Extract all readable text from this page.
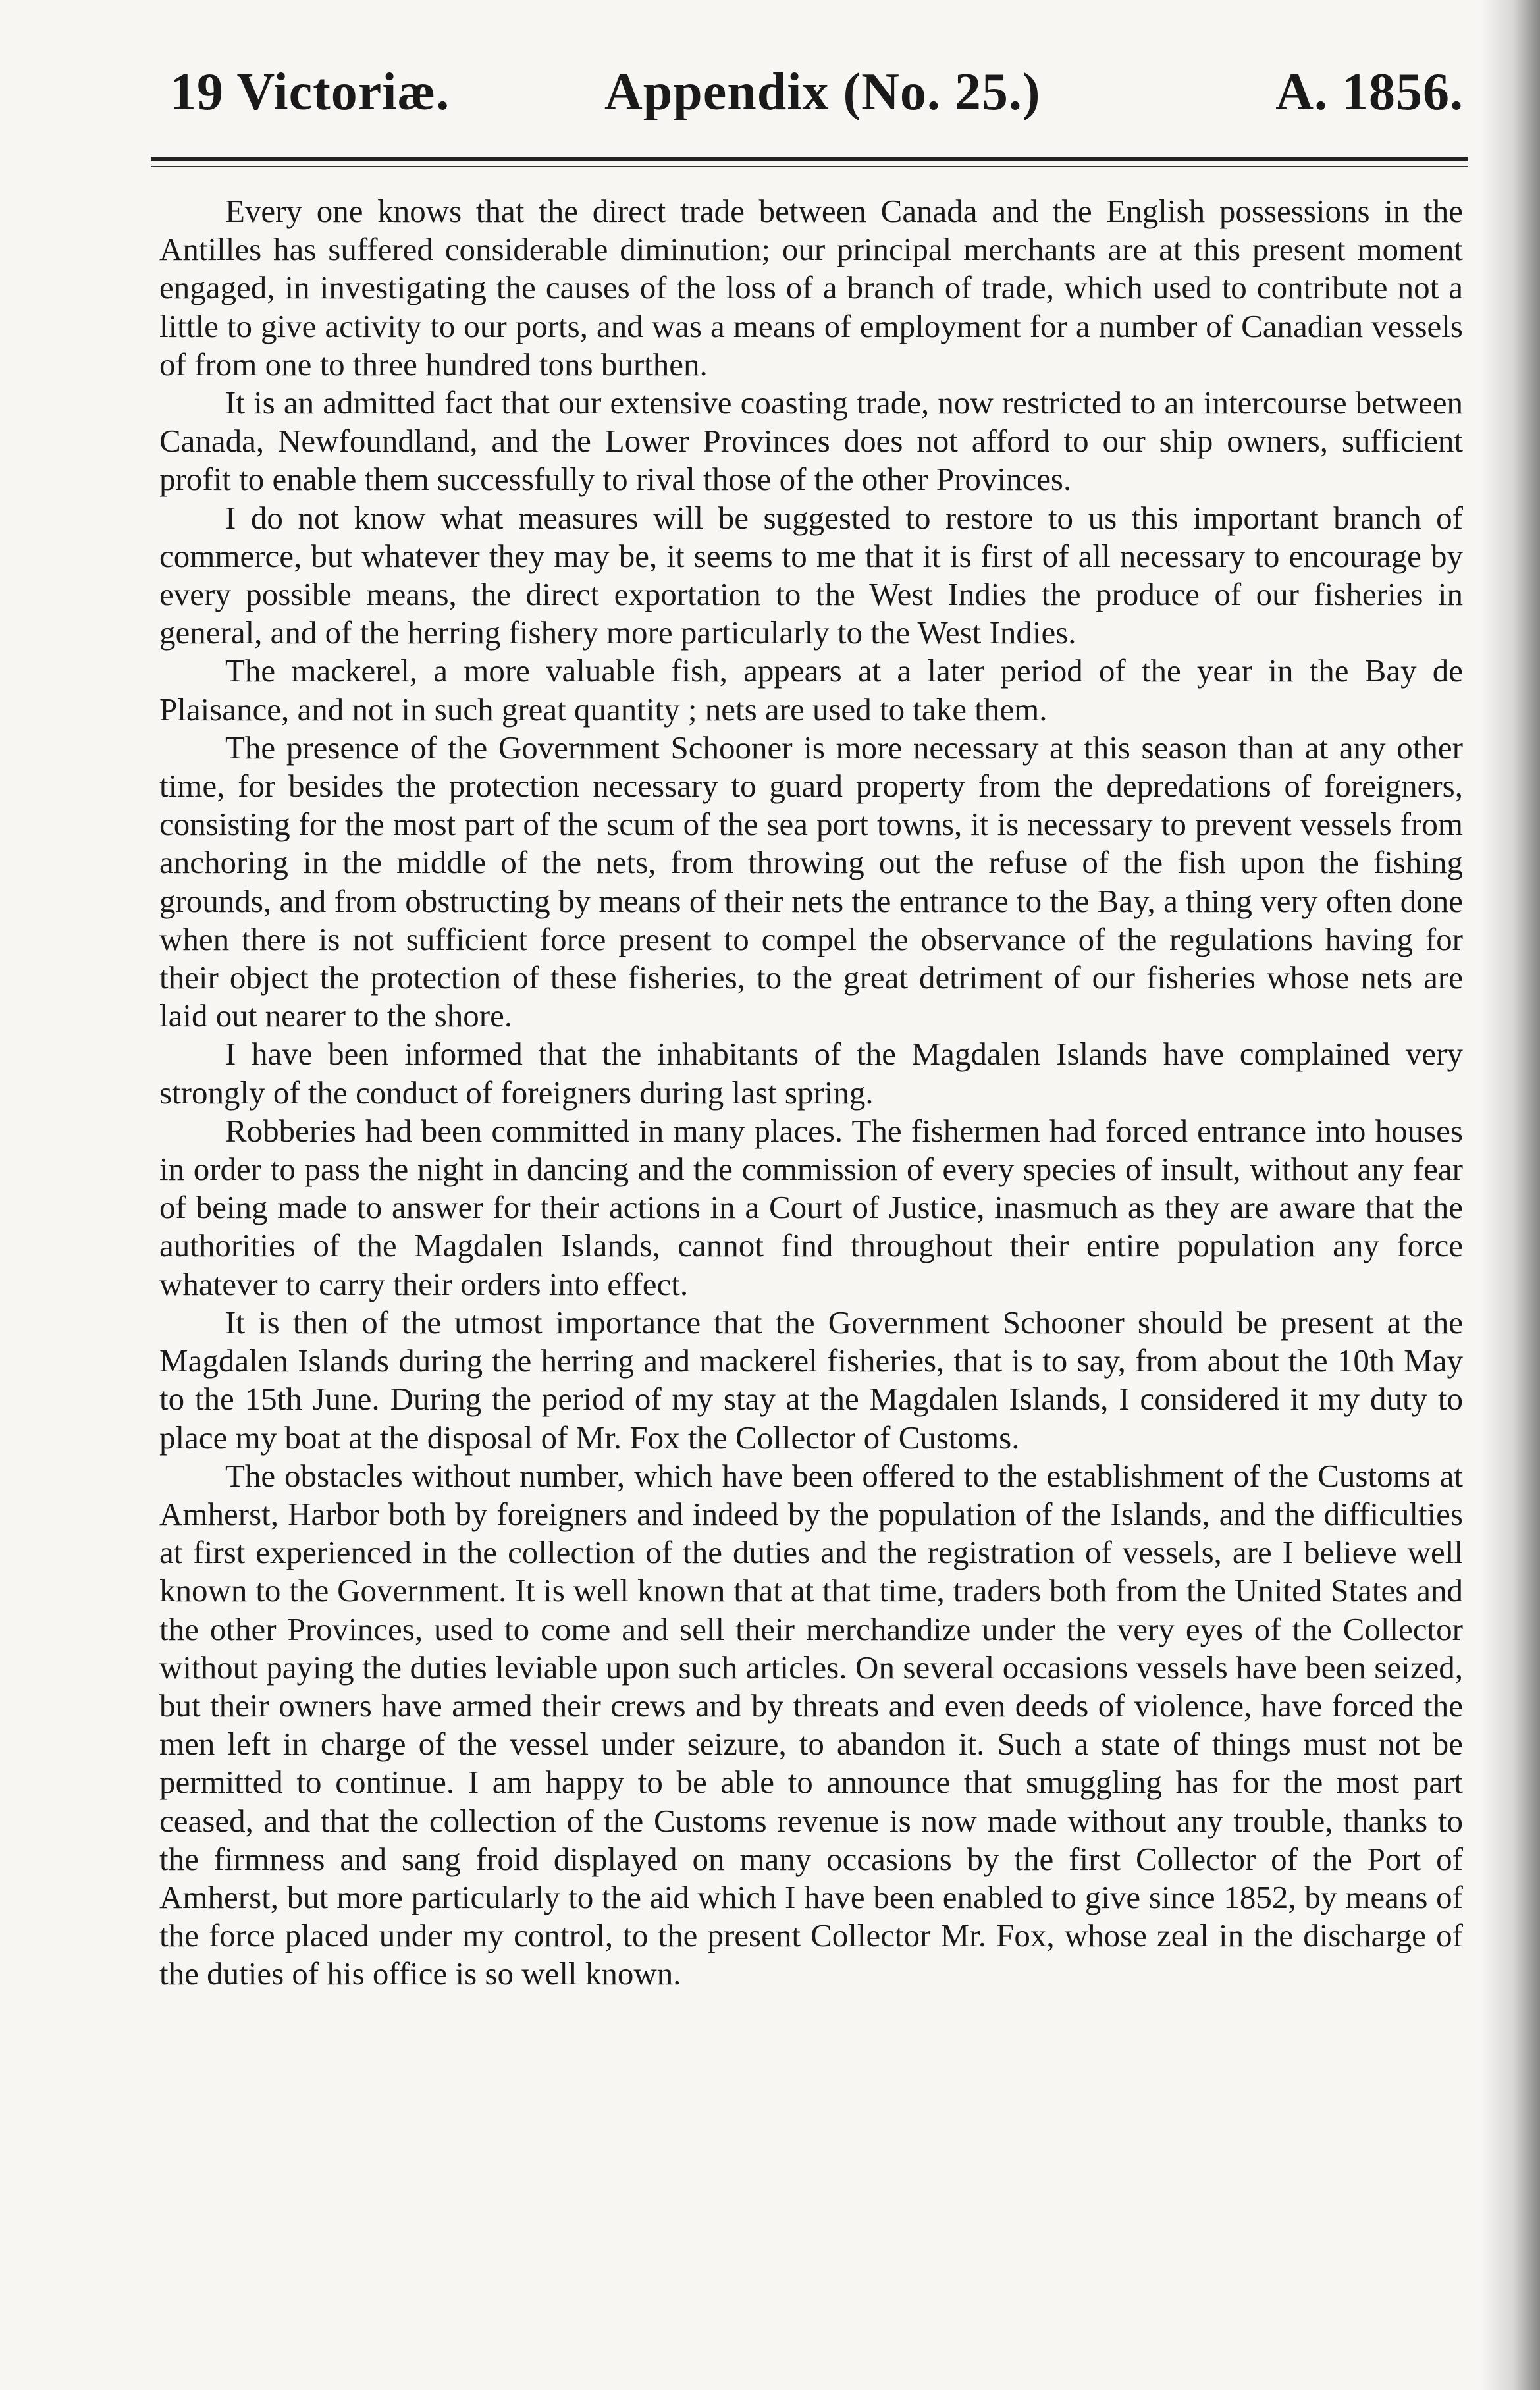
19 Victoriæ.	Appendix (No. 25.)	A. 1856.

Every one knows that the direct trade between Canada and the English possessions in the Antilles has suffered considerable diminution; our principal merchants are at this present moment engaged, in investigating the causes of the loss of a branch of trade, which used to contribute not a little to give activity to our ports, and was a means of employment for a number of Canadian vessels of from one to three hundred tons burthen.

It is an admitted fact that our extensive coasting trade, now restricted to an intercourse between Canada, Newfoundland, and the Lower Provinces does not afford to our ship owners, sufficient profit to enable them successfully to rival those of the other Provinces.

I do not know what measures will be suggested to restore to us this important branch of commerce, but whatever they may be, it seems to me that it is first of all necessary to encourage by every possible means, the direct exportation to the West Indies the produce of our fisheries in general, and of the herring fishery more particularly to the West Indies.

The mackerel, a more valuable fish, appears at a later period of the year in the Bay de Plaisance, and not in such great quantity ; nets are used to take them.

The presence of the Government Schooner is more necessary at this season than at any other time, for besides the protection necessary to guard property from the depredations of foreigners, consisting for the most part of the scum of the sea port towns, it is necessary to prevent vessels from anchoring in the middle of the nets, from throwing out the refuse of the fish upon the fishing grounds, and from obstructing by means of their nets the entrance to the Bay, a thing very often done when there is not sufficient force present to compel the observance of the regulations having for their object the protection of these fisheries, to the great detriment of our fisheries whose nets are laid out nearer to the shore.

I have been informed that the inhabitants of the Magdalen Islands have complained very strongly of the conduct of foreigners during last spring.

Robberies had been committed in many places. The fishermen had forced entrance into houses in order to pass the night in dancing and the commission of every species of insult, without any fear of being made to answer for their actions in a Court of Justice, inasmuch as they are aware that the authorities of the Magdalen Islands, cannot find throughout their entire population any force whatever to carry their orders into effect.

It is then of the utmost importance that the Government Schooner should be present at the Magdalen Islands during the herring and mackerel fisheries, that is to say, from about the 10th May to the 15th June. During the period of my stay at the Magdalen Islands, I considered it my duty to place my boat at the disposal of Mr. Fox the Collector of Customs.

The obstacles without number, which have been offered to the establishment of the Customs at Amherst, Harbor both by foreigners and indeed by the population of the Islands, and the difficulties at first experienced in the collection of the duties and the registration of vessels, are I believe well known to the Government. It is well known that at that time, traders both from the United States and the other Provinces, used to come and sell their merchandize under the very eyes of the Collector without paying the duties leviable upon such articles. On several occasions vessels have been seized, but their owners have armed their crews and by threats and even deeds of violence, have forced the men left in charge of the vessel under seizure, to abandon it. Such a state of things must not be permitted to continue. I am happy to be able to announce that smuggling has for the most part ceased, and that the collection of the Customs revenue is now made without any trouble, thanks to the firmness and sang froid displayed on many occasions by the first Collector of the Port of Amherst, but more particularly to the aid which I have been enabled to give since 1852, by means of the force placed under my control, to the present Collector Mr. Fox, whose zeal in the discharge of the duties of his office is so well known.
